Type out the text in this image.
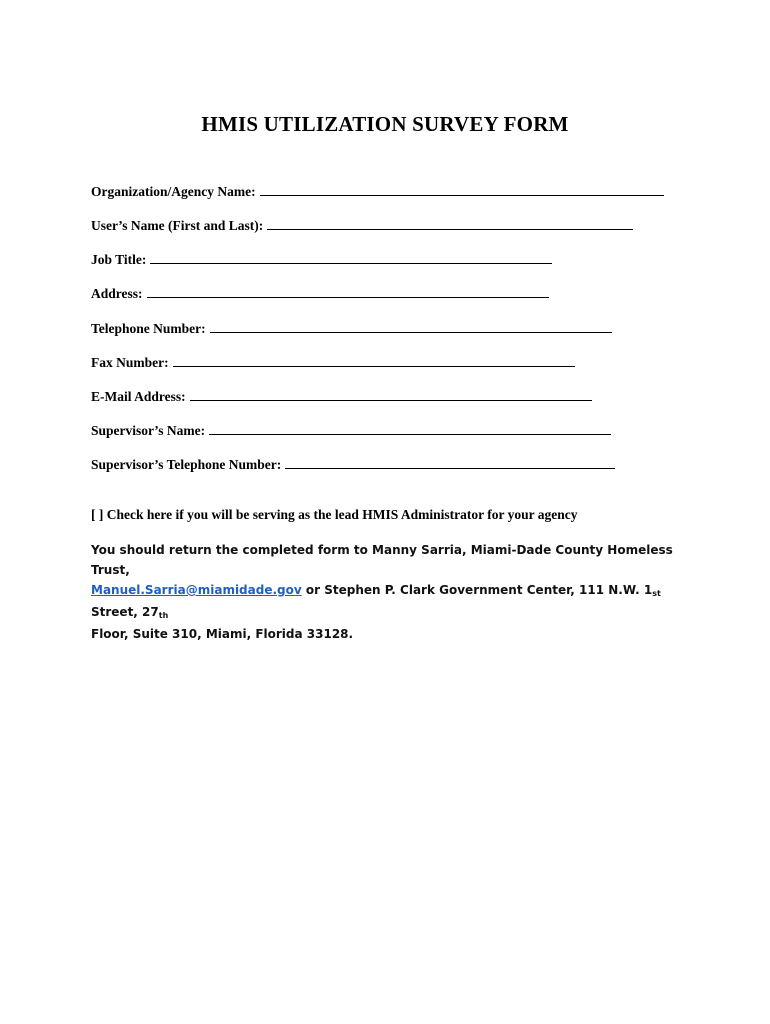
HMIS UTILIZATION SURVEY FORM
Organization/Agency Name:
User’s Name (First and Last):
Job Title:
Address:
Telephone Number:
Fax Number:
E-Mail Address:
Supervisor’s Name:
Supervisor’s Telephone Number:
[ ] Check here if you will be serving as the lead HMIS Administrator for your agency
You should return the completed form to Manny Sarria, Miami-Dade County Homeless Trust,
Manuel.Sarria@miamidade.gov or Stephen P. Clark Government Center, 111 N.W. 1st Street, 27th
Floor, Suite 310, Miami, Florida 33128.
